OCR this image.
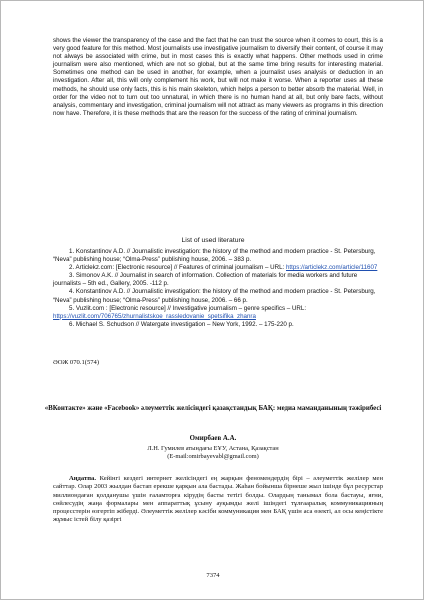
shows the viewer the transparency of the case and the fact that he can trust the source when it comes to court, this is a very good feature for this method. Most journalists use investigative journalism to diversify their content, of course it may not always be associated with crime, but in most cases this is exactly what happens. Other methods used in crime journalism were also mentioned, which are not so global, but at the same time bring results for interesting material. Sometimes one method can be used in another, for example, when a journalist uses analysis or deduction in an investigation. After all, this will only complement his work, but will not make it worse. When a reporter uses all these methods, he should use only facts, this is his main skeleton, which helps a person to better absorb the material. Well, in order for the video not to turn out too unnatural, in which there is no human hand at all, but only bare facts, without analysis, commentary and investigation, criminal journalism will not attract as many viewers as programs in this direction now have. Therefore, it is these methods that are the reason for the success of the rating of criminal journalism.
List of used literature

1. Konstantinov A.D. // Journalistic investigation: the history of the method and modern practice - St. Petersburg, “Neva” publishing house; “Olma-Press” publishing house, 2006. – 383 p.

2. Articlekz.com: [Electronic resource] // Features of criminal journalism – URL: https://articlekz.com/article/11607

3. Simonov A.K. // Journalist in search of information. Collection of materials for media workers and future journalists – 5th ed., Gallery, 2005. -112 p.

4. Konstantinov A.D. // Journalistic investigation: the history of the method and modern practice - St. Petersburg, “Neva” publishing house; “Olma-Press” publishing house, 2006. – 66 p.

5. Vuzlit.com : [Electronic resource] // Investigative journalism – genre specifics – URL: https://vuzlit.com/706765/zhurnalistskoe_rassledovanie_spetsifika_zhanra

6. Michael S. Schudson // Watergate investigation – New York, 1992. – 175-220 p.

ӘОЖ 070.1(574)
«ВКонтакте» және «Facebook» әлеуметтік желісіндегі қазақстандық БАҚ: медиа маманданының тәжірибесі
Омирбаев А.А.
Л.Н. Гумилев атындағы ЕҰУ, Астана, Қазақстан
(E-mail:omirbayevabl@gmail.com)
Аңдатпа. Кейінгі кездегі интернет желісіндегі ең жарқын феномендердің бірі – әлеуметтік желілер мен сайттар. Олар 2003 жылдан бастап ерекше қарқын ала бастады. Жаһан бойынша бірнеше жыл ішінде бұл ресурстар миллиондаған қолданушы үшін ғаламторға кірудің басты тетігі болды. Олардың танымал бола бастауы, яғни, сөйлесудің жаңа формалары мен аппараттық ұсыну ауқымды желі ішіндегі тұлғааралық коммуникацияның процесстерін өзгертіп жіберді. Әлеуметтік желілер кәсіби коммуникация мен БАҚ үшін аса өзекті, ал осы кеңістікте жұмыс істей білу қазіргі
7374
